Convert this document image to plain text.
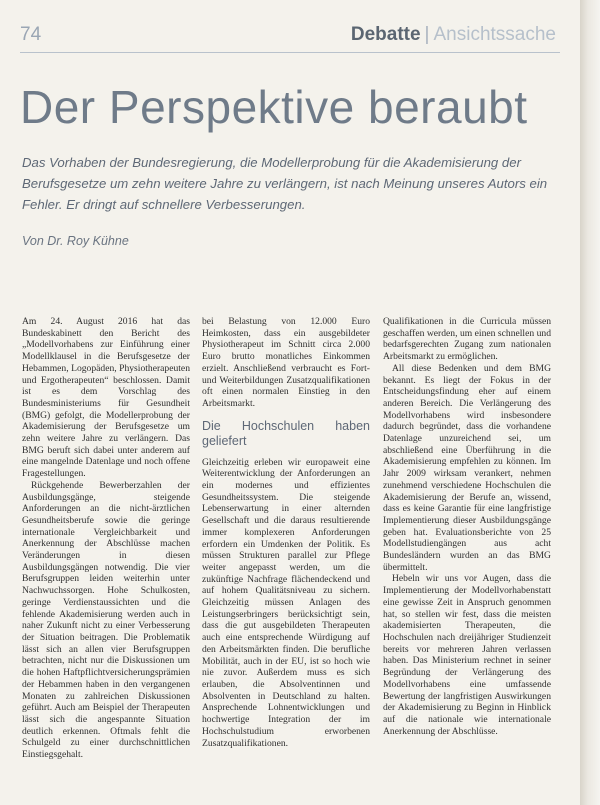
74	Debatte | Ansichtssache
Der Perspektive beraubt

Das Vorhaben der Bundesregierung, die Modellerprobung für die Akademisierung der Berufsgesetze um zehn weitere Jahre zu verlängern, ist nach Meinung unseres Autors ein Fehler. Er dringt auf schnellere Verbesserungen.

Von Dr. Roy Kühne

Am 24. August 2016 hat das Bundeskabinett den Bericht des „Modellvorhabens zur Einführung einer Modellklausel in die Berufsgesetze der Hebammen, Logopäden, Physiotherapeuten und Ergotherapeuten“ beschlossen. Damit ist es dem Vorschlag des Bundesministeriums für Gesundheit (BMG) gefolgt, die Modellerprobung der Akademisierung der Berufsgesetze um zehn weitere Jahre zu verlängern. Das BMG beruft sich dabei unter anderem auf eine mangelnde Datenlage und noch offene Fragestellungen.

Rückgehende Bewerberzahlen der Ausbildungsgänge, steigende Anforderungen an die nicht-ärztlichen Gesundheitsberufe sowie die geringe internationale Vergleichbarkeit und Anerkennung der Abschlüsse machen Veränderungen in diesen Ausbildungsgängen notwendig. Die vier Berufsgruppen leiden weiterhin unter Nachwuchssorgen. Hohe Schulkosten, geringe Verdienstaussichten und die fehlende Akademisierung werden auch in naher Zukunft nicht zu einer Verbesserung der Situation beitragen. Die Problematik lässt sich an allen vier Berufsgruppen betrachten, nicht nur die Diskussionen um die hohen Haftpflichtversicherungsprämien der Hebammen haben in den vergangenen Monaten zu zahlreichen Diskussionen geführt. Auch am Beispiel der Therapeuten lässt sich die angespannte Situation deutlich erkennen. Oftmals fehlt die Schulgeld zu einer durchschnittlichen Einstiegsgehalt.

bei Belastung von 12.000 Euro Heimkosten, dass ein ausgebildeter Physiotherapeut im Schnitt circa 2.000 Euro brutto monatliches Einkommen erzielt. Anschließend verbraucht es Fort- und Weiterbildungen Zusatzqualifikationen oft einen normalen Einstieg in den Arbeitsmarkt.

Die Hochschulen haben geliefert

Gleichzeitig erleben wir europaweit eine Weiterentwicklung der Anforderungen an ein modernes und effizientes Gesundheitssystem. Die steigende Lebenserwartung in einer alternden Gesellschaft und die daraus resultierende immer komplexeren Anforderungen erfordern ein Umdenken der Politik. Es müssen Strukturen parallel zur Pflege weiter angepasst werden, um die zukünftige Nachfrage flächendeckend und auf hohem Qualitätsniveau zu sichern. Gleichzeitig müssen Anlagen des Leistungserbringers berücksichtigt sein, dass die gut ausgebildeten Therapeuten auch eine entsprechende Würdigung auf den Arbeitsmärkten finden. Die berufliche Mobilität, auch in der EU, ist so hoch wie nie zuvor. Außerdem muss es sich erlauben, die Absolventinnen und Absolventen in Deutschland zu halten. Ansprechende Lohnentwicklungen und hochwertige Integration der im Hochschulstudium erworbenen Zusatzqualifikationen.

Qualifikationen in die Curricula müssen geschaffen werden, um einen schnellen und bedarfsgerechten Zugang zum nationalen Arbeitsmarkt zu ermöglichen.

All diese Bedenken und dem BMG bekannt. Es liegt der Fokus in der Entscheidungsfindung eher auf einem anderen Bereich. Die Verlängerung des Modellvorhabens wird insbesondere dadurch begründet, dass die vorhandene Datenlage unzureichend sei, um abschließend eine Überführung in die Akademisierung empfehlen zu können. Im Jahr 2009 wirksam verankert, nehmen zunehmend verschiedene Hochschulen die Akademisierung der Berufe an, wissend, dass es keine Garantie für eine langfristige Implementierung dieser Ausbildungsgänge geben hat. Evaluationsberichte von 25 Modellstudiengängen aus acht Bundesländern wurden an das BMG übermittelt.

Hebeln wir uns vor Augen, dass die Implementierung der Modellvorhabenstatt eine gewisse Zeit in Anspruch genommen hat, so stellen wir fest, dass die meisten akademisierten Therapeuten, die Hochschulen nach dreijähriger Studienzeit bereits vor mehreren Jahren verlassen haben. Das Ministerium rechnet in seiner Begründung der Verlängerung des Modellvorhabens eine umfassende Bewertung der langfristigen Auswirkungen der Akademisierung zu Beginn in Hinblick auf die nationale wie internationale Anerkennung der Abschlüsse.
